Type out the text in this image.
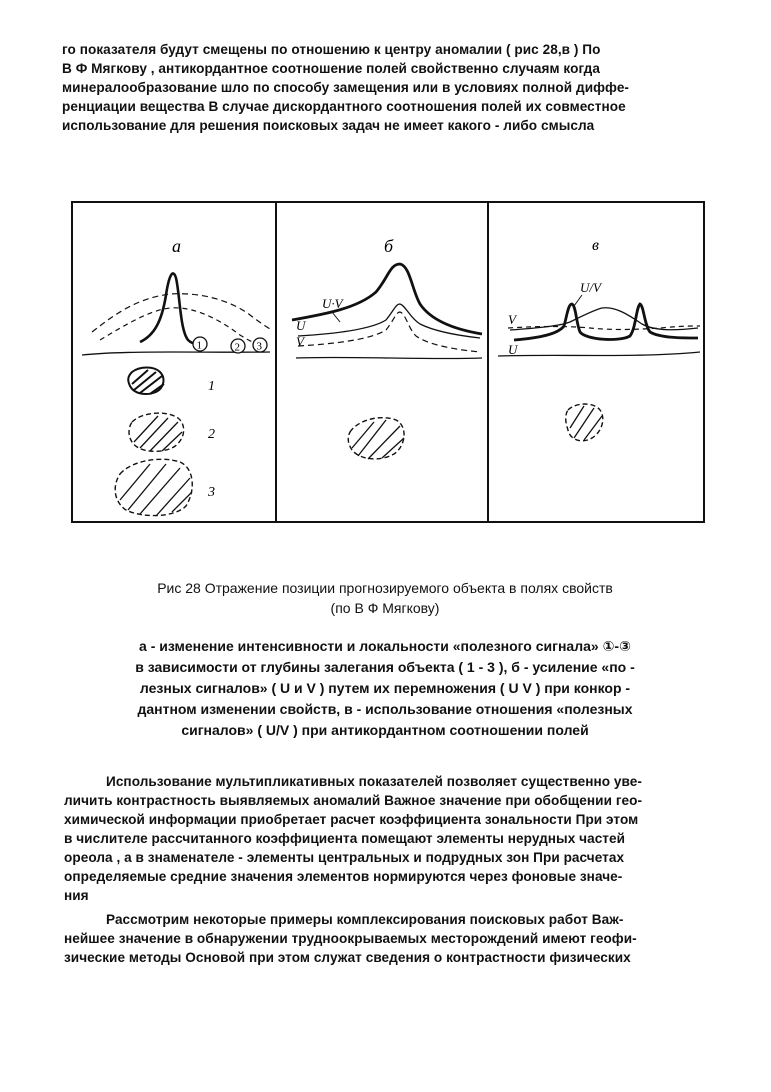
го показателя будут смещены по отношению к центру аномалии ( рис 28,в ) По
В Ф Мягкову , антикордантное соотношение полей свойственно случаям когда
минералообразование шло по способу замещения или в условиях полной диффе-
ренциации вещества В случае дискордантного соотношения полей их совместное
использование для решения поисковых задач не имеет какого - либо смысла
а
1	2 3
1
2
3
б
U·V
U
V
в
U/V
V
U
Рис 28 Отражение позиции прогнозируемого объекта в полях свойств
(по В Ф Мягкову)
а - изменение интенсивности и локальности «полезного сигнала» ①-③
в зависимости от глубины залегания объекта ( 1 - 3 ), б - усиление «по -
лезных сигналов» ( U и V ) путем их перемножения ( U V ) при конкор -
дантном изменении свойств, в - использование отношения «полезных
сигналов» ( U/V ) при антикордантном соотношении полей
Использование мультипликативных показателей позволяет существенно уве-
личить контрастность выявляемых аномалий Важное значение при обобщении гео-
химической информации приобретает расчет коэффициента зональности При этом
в числителе рассчитанного коэффициента помещают элементы нерудных частей
ореола , а в знаменателе - элементы центральных и подрудных зон При расчетах
определяемые средние значения элементов нормируются через фоновые значе-
ния
Рассмотрим некоторые примеры комплексирования поисковых работ Важ-
нейшее значение в обнаружении трудноокрываемых месторождений имеют геофи-
зические методы Основой при этом служат сведения о контрастности физических
